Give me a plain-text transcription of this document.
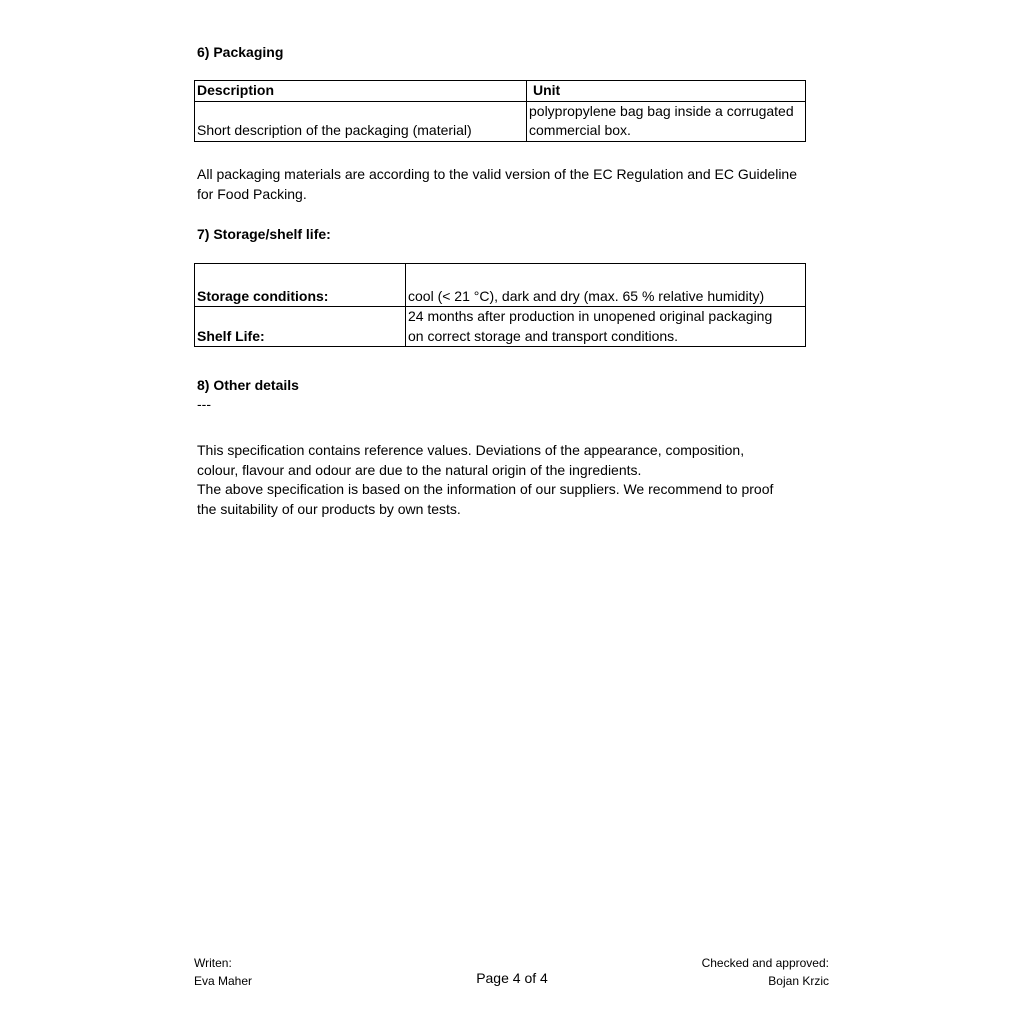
6) Packaging
Description	Unit
Short description of the packaging (material)	polypropylene bag bag inside a corrugated
commercial box.
All packaging materials are according to the valid version of the EC Regulation and EC Guideline
for Food Packing.
7) Storage/shelf life:
Storage conditions:	cool (< 21 °C), dark and dry (max. 65 % relative humidity)
Shelf Life:	24 months after production in unopened original packaging
on correct storage and transport conditions.
8) Other details
---
This specification contains reference values. Deviations of the appearance, composition,
colour, flavour and odour are due to the natural origin of the ingredients.
The above specification is based on the information of our suppliers. We recommend to proof
the suitability of our products by own tests.
Writen:
Eva Maher	Page 4 of 4
Checked and approved:
Bojan Krzic
